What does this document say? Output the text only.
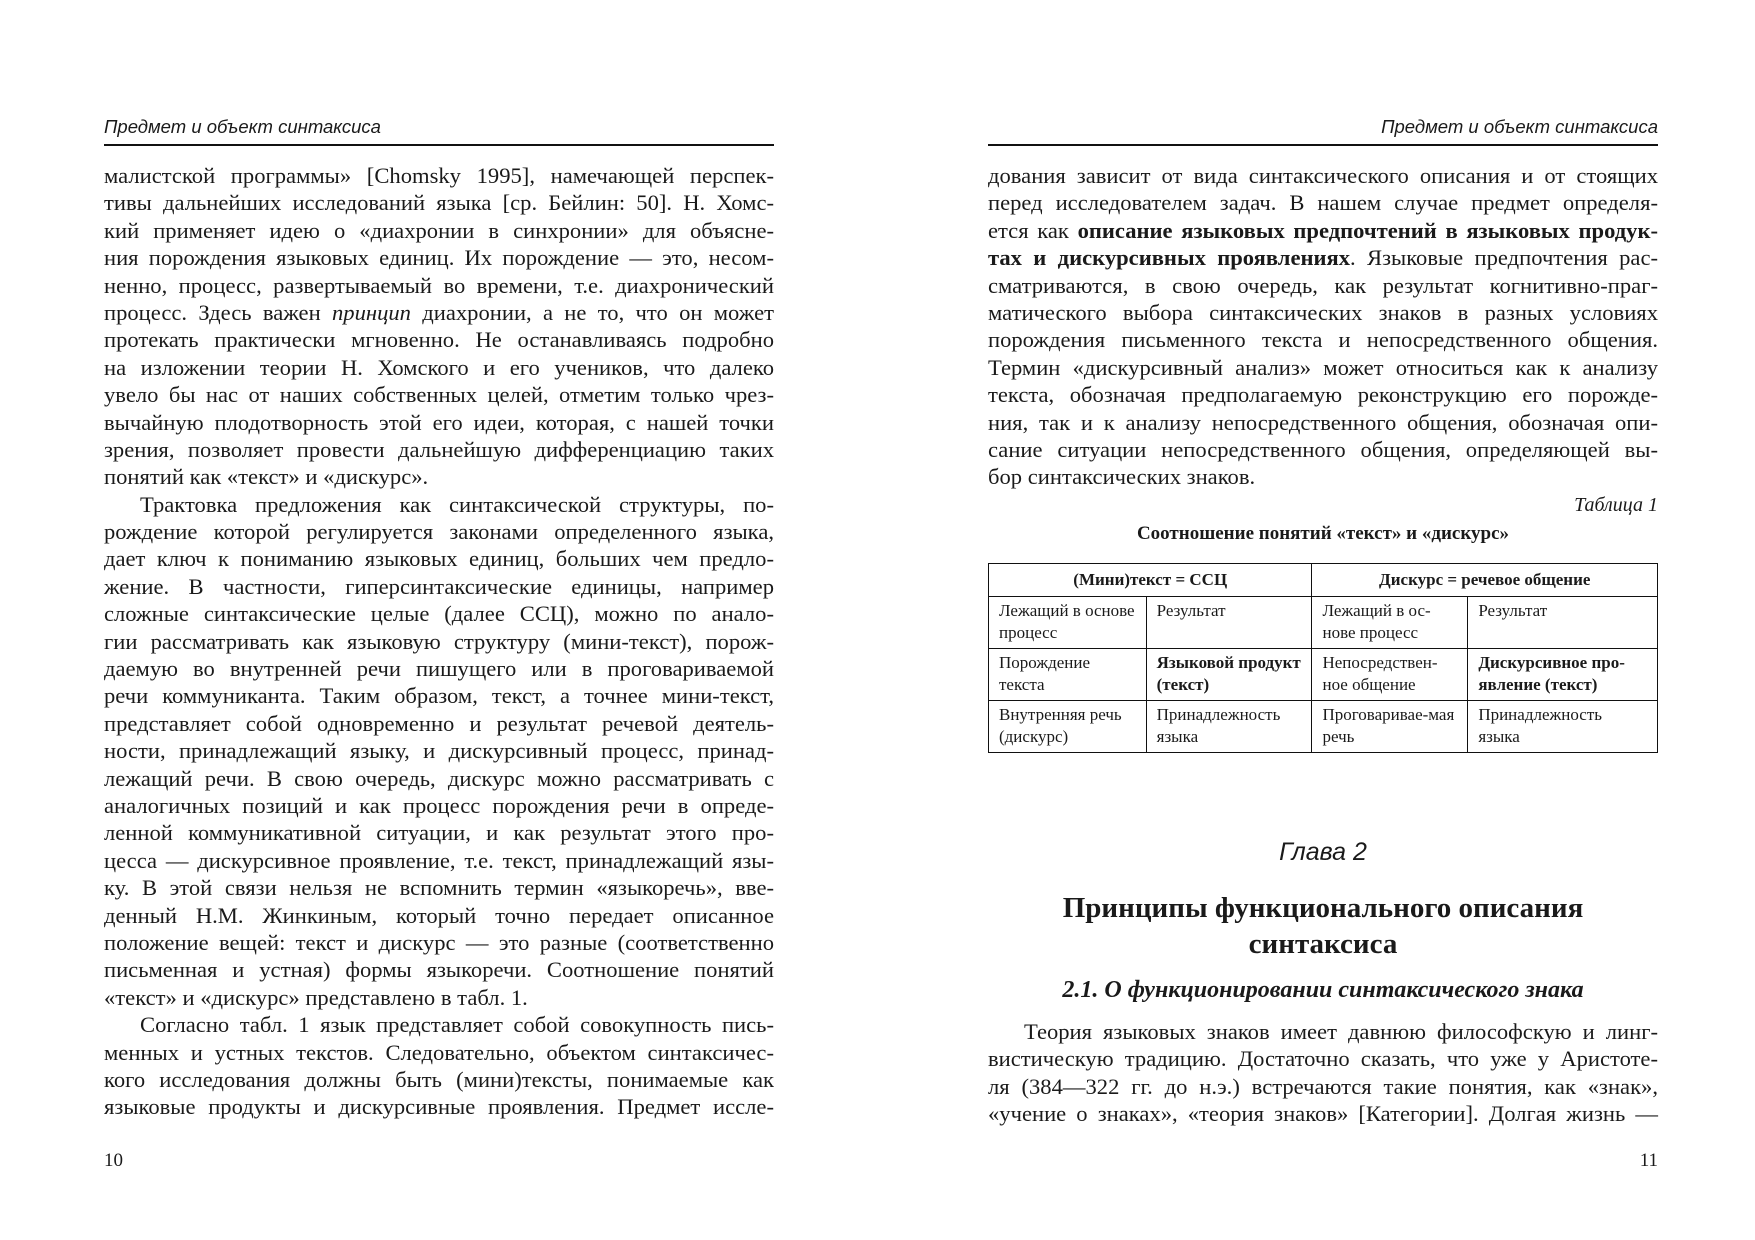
Предмет и объект синтаксиса
малистской программы» [Chomsky 1995], намечающей перспек-
тивы дальнейших исследований языка [ср. Бейлин: 50]. Н. Хомс-
кий применяет идею о «диахронии в синхронии» для объясне-
ния порождения языковых единиц. Их порождение — это, несом-
ненно, процесс, развертываемый во времени, т.е. диахронический
процесс. Здесь важен принцип диахронии, а не то, что он может
протекать практически мгновенно. Не останавливаясь подробно
на изложении теории Н. Хомского и его учеников, что далеко
увело бы нас от наших собственных целей, отметим только чрез-
вычайную плодотворность этой его идеи, которая, с нашей точки
зрения, позволяет провести дальнейшую дифференциацию таких
понятий как «текст» и «дискурс».
Трактовка предложения как синтаксической структуры, по-
рождение которой регулируется законами определенного языка,
дает ключ к пониманию языковых единиц, больших чем предло-
жение. В частности, гиперсинтаксические единицы, например
сложные синтаксические целые (далее ССЦ), можно по анало-
гии рассматривать как языковую структуру (мини-текст), порож-
даемую во внутренней речи пишущего или в проговариваемой
речи коммуниканта. Таким образом, текст, а точнее мини-текст,
представляет собой одновременно и результат речевой деятель-
ности, принадлежащий языку, и дискурсивный процесс, принад-
лежащий речи. В свою очередь, дискурс можно рассматривать с
аналогичных позиций и как процесс порождения речи в опреде-
ленной коммуникативной ситуации, и как результат этого про-
цесса — дискурсивное проявление, т.е. текст, принадлежащий язы-
ку. В этой связи нельзя не вспомнить термин «языкоречь», вве-
денный Н.М. Жинкиным, который точно передает описанное
положение вещей: текст и дискурс — это разные (соответственно
письменная и устная) формы языкоречи. Соотношение понятий
«текст» и «дискурс» представлено в табл. 1.
Согласно табл. 1 язык представляет собой совокупность пись-
менных и устных текстов. Следовательно, объектом синтаксичес-
кого исследования должны быть (мини)тексты, понимаемые как
языковые продукты и дискурсивные проявления. Предмет иссле-
10
Предмет и объект синтаксиса
дования зависит от вида синтаксического описания и от стоящих
перед исследователем задач. В нашем случае предмет определя-
ется как описание языковых предпочтений в языковых продук-
тах и дискурсивных проявлениях. Языковые предпочтения рас-
сматриваются, в свою очередь, как результат когнитивно-праг-
матического выбора синтаксических знаков в разных условиях
порождения письменного текста и непосредственного общения.
Термин «дискурсивный анализ» может относиться как к анализу
текста, обозначая предполагаемую реконструкцию его порожде-
ния, так и к анализу непосредственного общения, обозначая опи-
сание ситуации непосредственного общения, определяющей вы-
бор синтаксических знаков.
Таблица 1
Соотношение понятий «текст» и «дискурс»
(Мини)текст = ССЦ		Дискурс = речевое общение	
Лежащий в основе процесс	Результат	Лежащий в ос-нове процесс	Результат
Порождение текста	Языковой продукт (текст)	Непосредствен-ное общение	Дискурсивное про-явление (текст)
Внутренняя речь (дискурс)	Принадлежность языка	Проговаривае-мая речь	Принадлежность языка
Глава 2
Принципы функционального описания
синтаксиса
2.1. О функционировании синтаксического знака
Теория языковых знаков имеет давнюю философскую и линг-
вистическую традицию. Достаточно сказать, что уже у Аристоте-
ля (384—322 гг. до н.э.) встречаются такие понятия, как «знак»,
«учение о знаках», «теория знаков» [Категории]. Долгая жизнь —
11
